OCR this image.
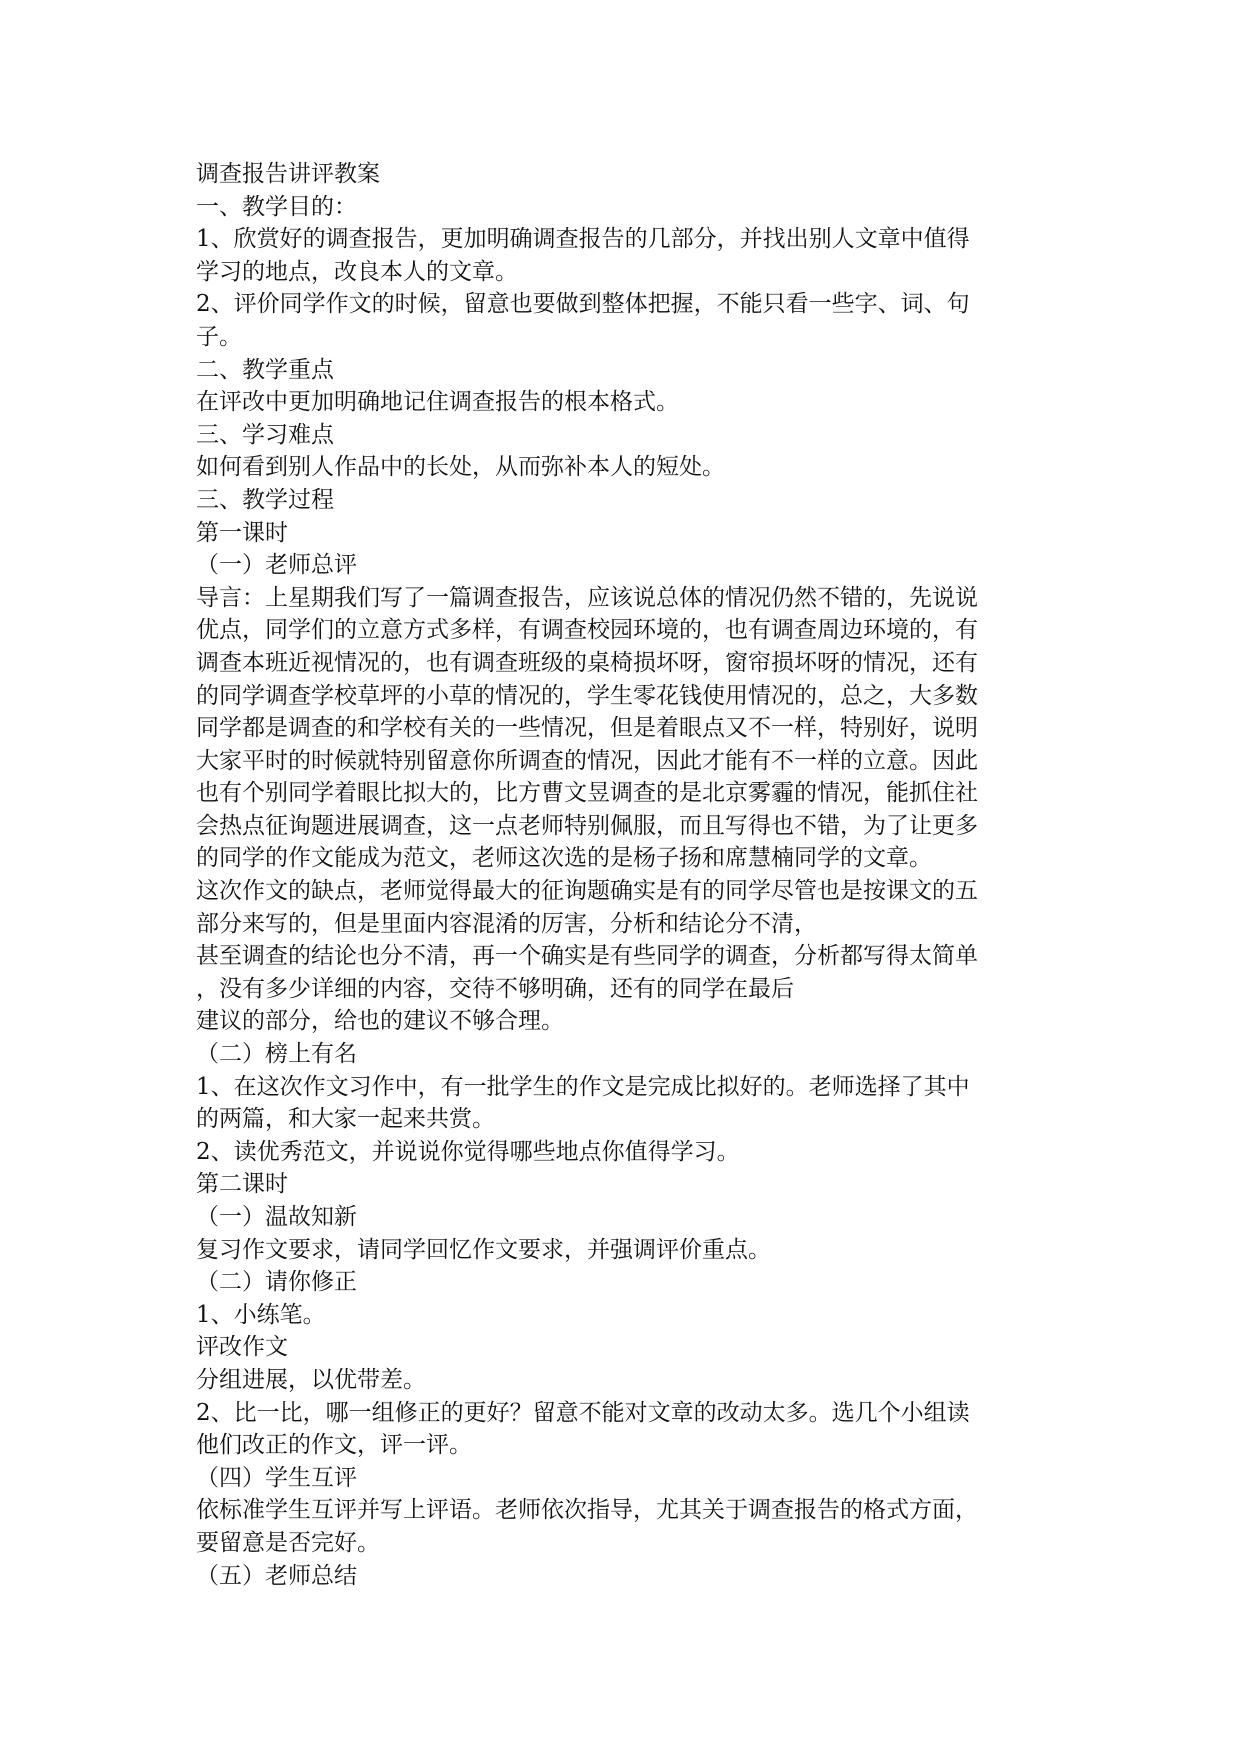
调查报告讲评教案
一、教学目的：
1、欣赏好的调查报告，更加明确调查报告的几部分，并找出别人文章中值得
学习的地点，改良本人的文章。
2、评价同学作文的时候，留意也要做到整体把握，不能只看一些字、词、句
子。
二、教学重点
在评改中更加明确地记住调查报告的根本格式。
三、学习难点
如何看到别人作品中的长处，从而弥补本人的短处。
三、教学过程
第一课时
（一）老师总评
导言：上星期我们写了一篇调查报告，应该说总体的情况仍然不错的，先说说
优点，同学们的立意方式多样，有调查校园环境的，也有调查周边环境的，有
调查本班近视情况的，也有调查班级的桌椅损坏呀，窗帘损坏呀的情况，还有
的同学调查学校草坪的小草的情况的，学生零花钱使用情况的，总之，大多数
同学都是调查的和学校有关的一些情况，但是着眼点又不一样，特别好，说明
大家平时的时候就特别留意你所调查的情况，因此才能有不一样的立意。因此
也有个别同学着眼比拟大的，比方曹文昱调查的是北京雾霾的情况，能抓住社
会热点征询题进展调查，这一点老师特别佩服，而且写得也不错，为了让更多
的同学的作文能成为范文，老师这次选的是杨子扬和席慧楠同学的文章。
这次作文的缺点，老师觉得最大的征询题确实是有的同学尽管也是按课文的五
部分来写的，但是里面内容混淆的厉害，分析和结论分不清，
甚至调查的结论也分不清，再一个确实是有些同学的调查，分析都写得太简单
，没有多少详细的内容，交待不够明确，还有的同学在最后
建议的部分，给也的建议不够合理。
（二）榜上有名
1、在这次作文习作中，有一批学生的作文是完成比拟好的。老师选择了其中
的两篇，和大家一起来共赏。
2、读优秀范文，并说说你觉得哪些地点你值得学习。
第二课时
（一）温故知新
复习作文要求，请同学回忆作文要求，并强调评价重点。
（二）请你修正
1、小练笔。
评改作文
分组进展，以优带差。
2、比一比，哪一组修正的更好？留意不能对文章的改动太多。选几个小组读
他们改正的作文，评一评。
（四）学生互评
依标准学生互评并写上评语。老师依次指导，尤其关于调查报告的格式方面，
要留意是否完好。
（五）老师总结
